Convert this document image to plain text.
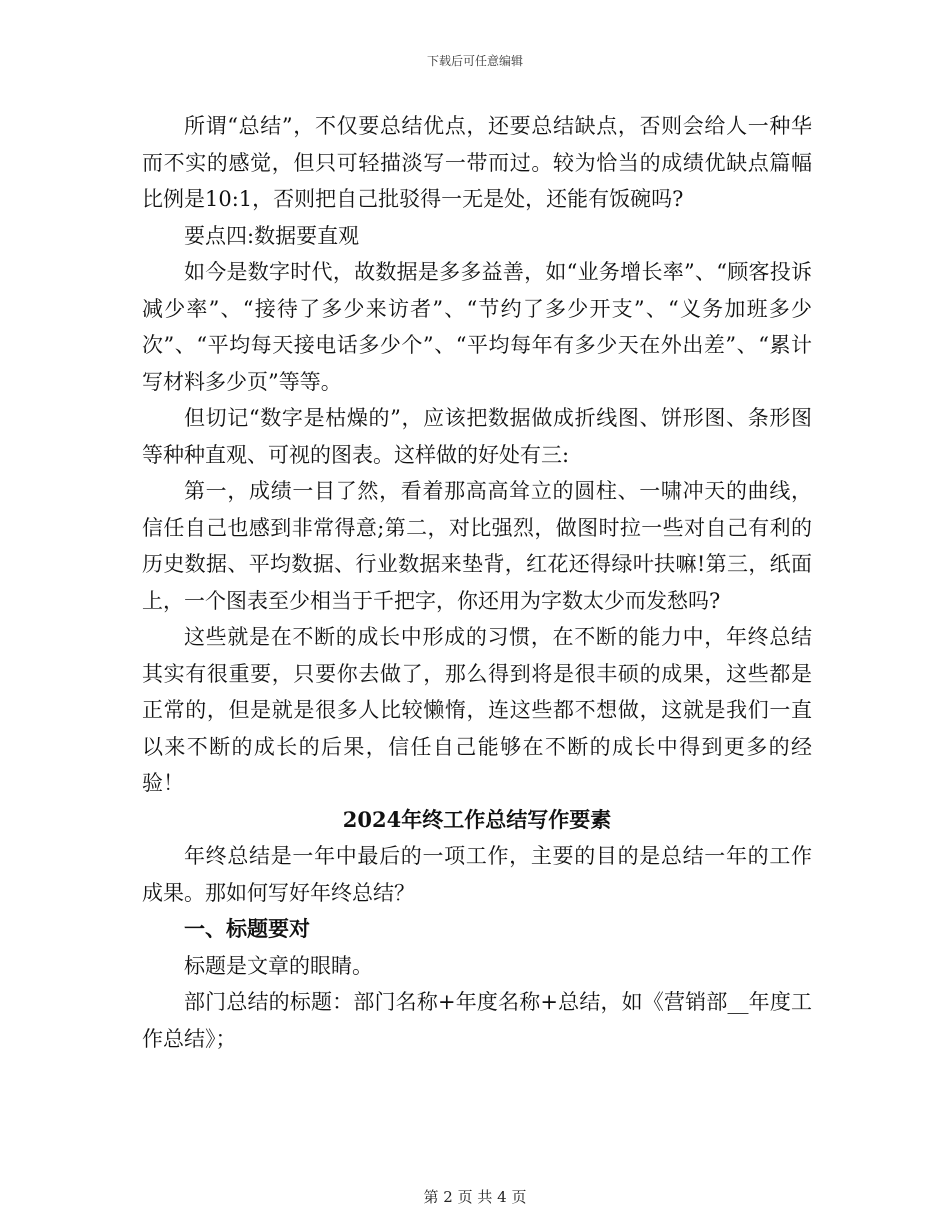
下载后可任意编辑

所谓“总结”，不仅要总结优点，还要总结缺点，否则会给人一种华而不实的感觉，但只可轻描淡写一带而过。较为恰当的成绩优缺点篇幅比例是10:1，否则把自己批驳得一无是处，还能有饭碗吗?

要点四:数据要直观

如今是数字时代，故数据是多多益善，如“业务增长率”、“顾客投诉减少率”、“接待了多少来访者”、“节约了多少开支”、“义务加班多少次”、“平均每天接电话多少个”、“平均每年有多少天在外出差”、“累计写材料多少页”等等。

但切记“数字是枯燥的”，应该把数据做成折线图、饼形图、条形图等种种直观、可视的图表。这样做的好处有三:

第一，成绩一目了然，看着那高高耸立的圆柱、一啸冲天的曲线，信任自己也感到非常得意;第二，对比强烈，做图时拉一些对自己有利的历史数据、平均数据、行业数据来垫背，红花还得绿叶扶嘛!第三，纸面上，一个图表至少相当于千把字，你还用为字数太少而发愁吗?

这些就是在不断的成长中形成的习惯，在不断的能力中，年终总结其实有很重要，只要你去做了，那么得到将是很丰硕的成果，这些都是正常的，但是就是很多人比较懒惰，连这些都不想做，这就是我们一直以来不断的成长的后果，信任自己能够在不断的成长中得到更多的经验！

2024年终工作总结写作要素

年终总结是一年中最后的一项工作，主要的目的是总结一年的工作成果。那如何写好年终总结？

一、标题要对

标题是文章的眼睛。

部门总结的标题：部门名称+年度名称+总结，如《营销部__年度工作总结》；

第 2 页 共 4 页
